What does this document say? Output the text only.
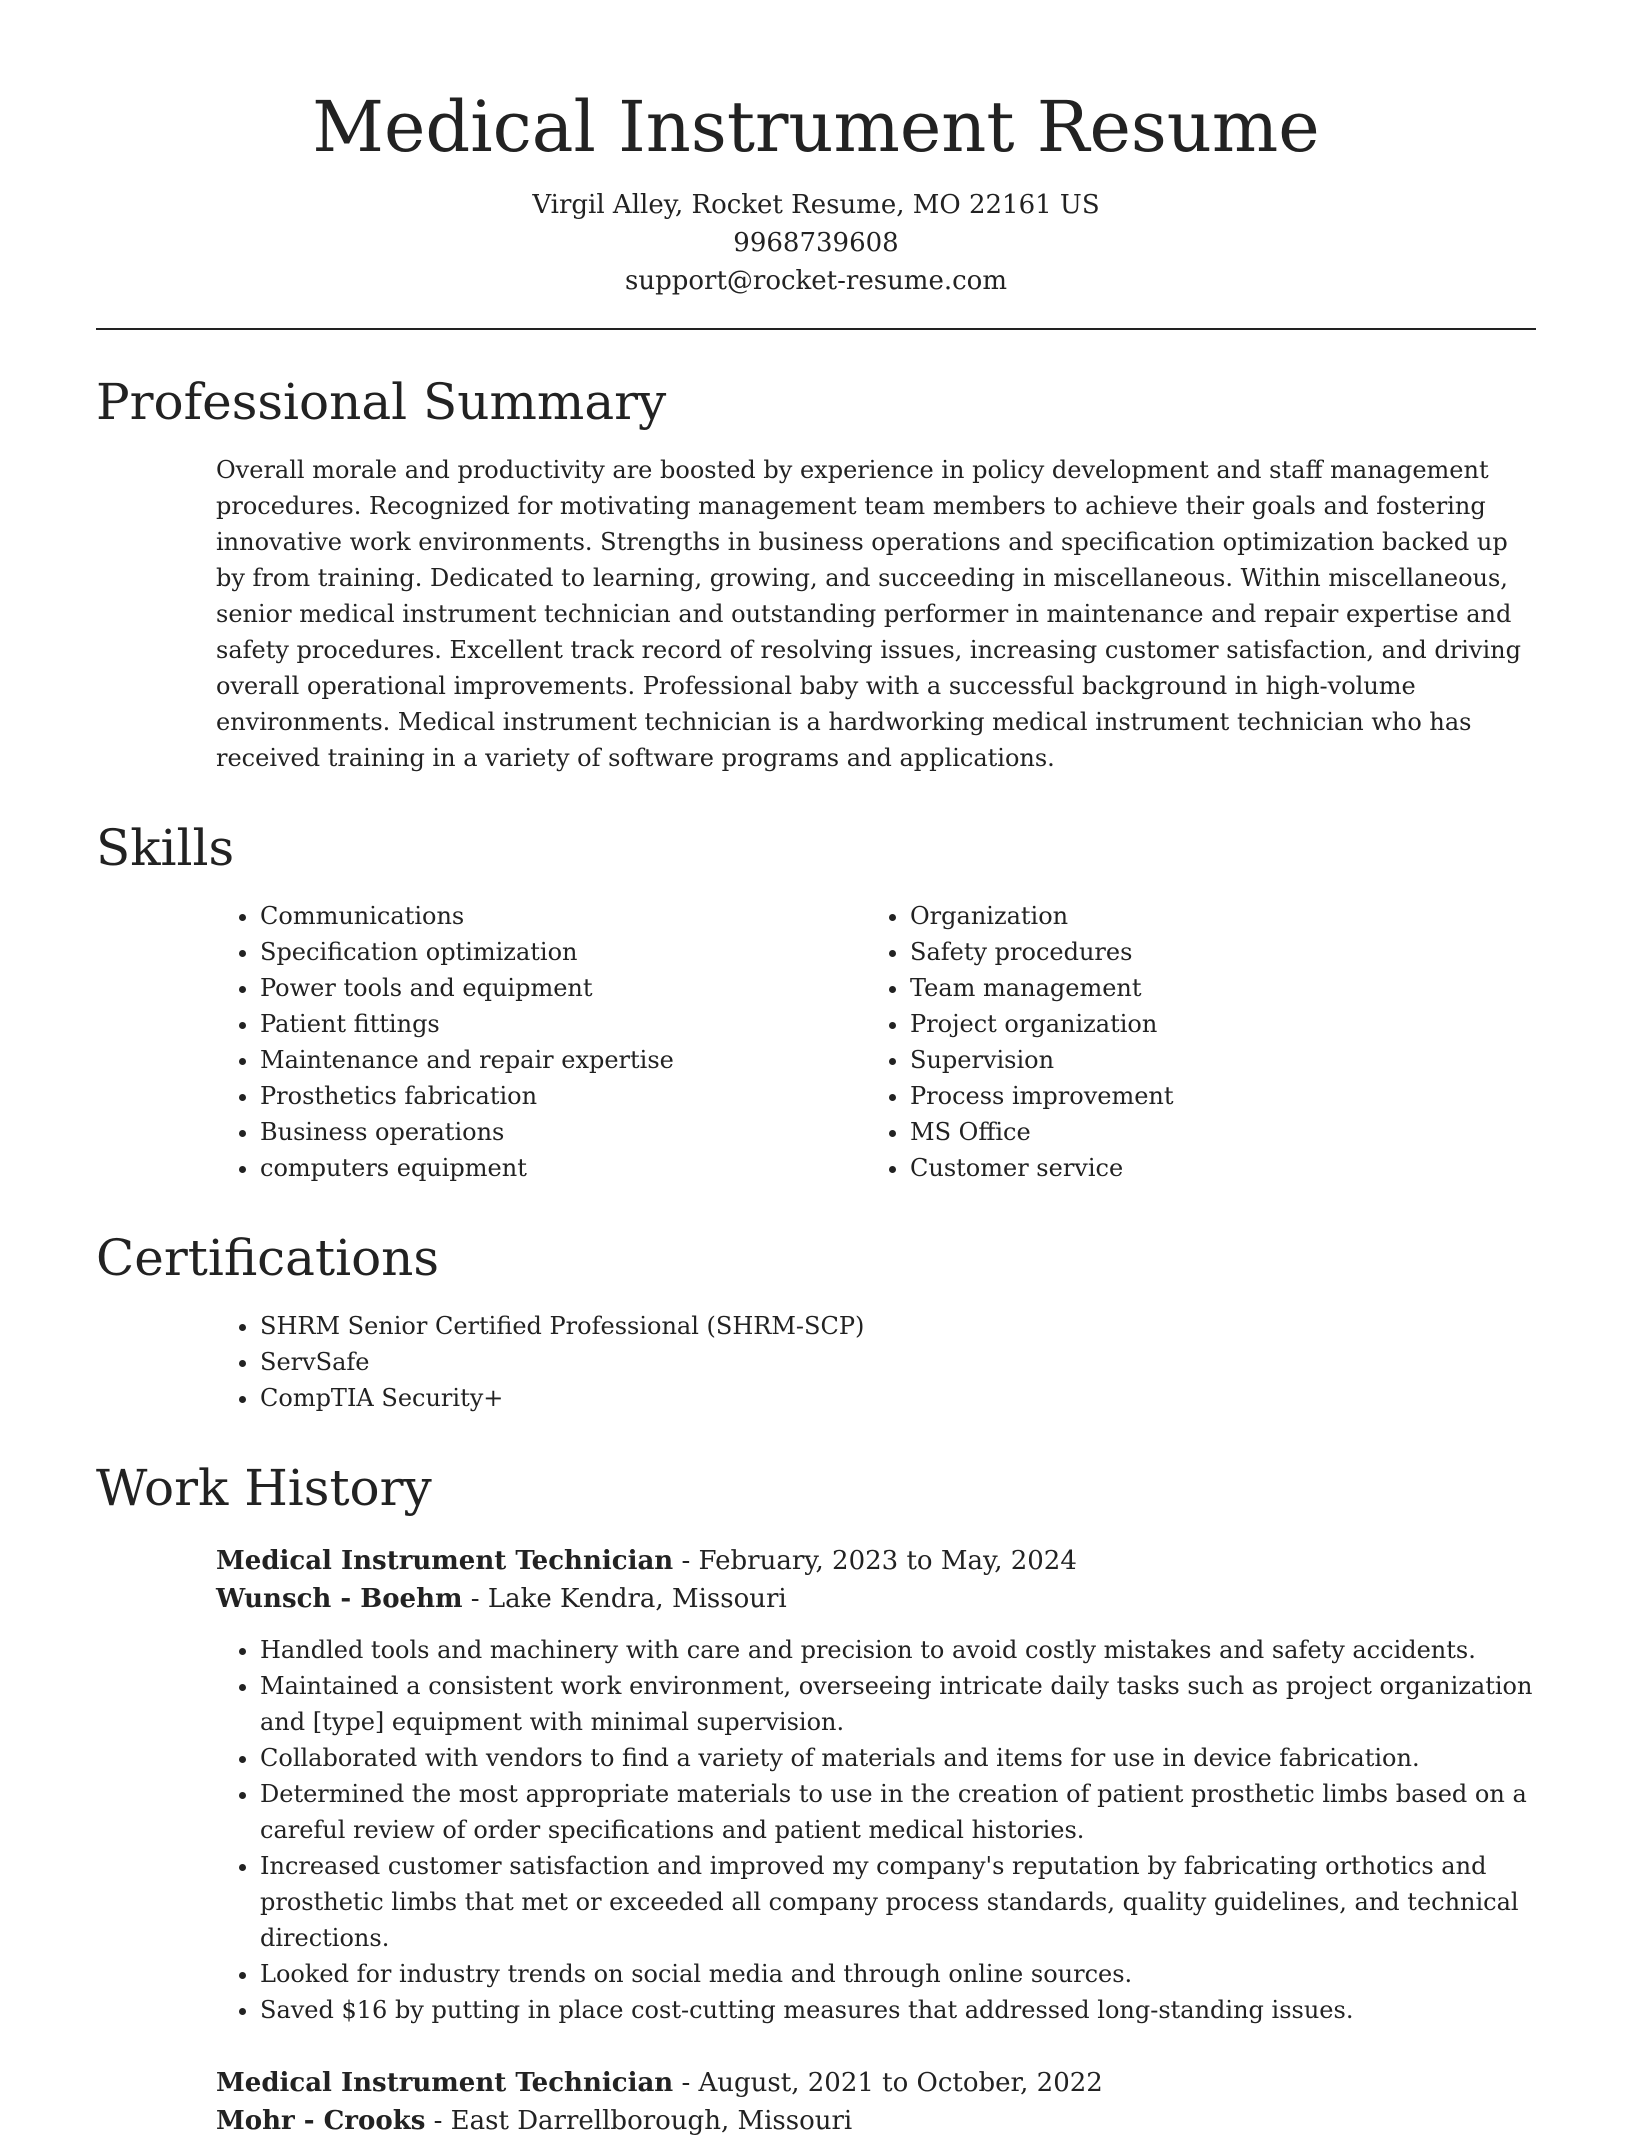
Medical Instrument Resume
Virgil Alley, Rocket Resume, MO 22161 US
9968739608
support@rocket-resume.com
Professional Summary

Overall morale and productivity are boosted by experience in policy development and staff management procedures. Recognized for motivating management team members to achieve their goals and fostering innovative work environments. Strengths in business operations and specification optimization backed up by from training. Dedicated to learning, growing, and succeeding in miscellaneous. Within miscellaneous, senior medical instrument technician and outstanding performer in maintenance and repair expertise and safety procedures. Excellent track record of resolving issues, increasing customer satisfaction, and driving overall operational improvements. Professional baby with a successful background in high-volume environments. Medical instrument technician is a hardworking medical instrument technician who has received training in a variety of software programs and applications.

Skills
• Communications
• Specification optimization
• Power tools and equipment
• Patient fittings
• Maintenance and repair expertise
• Prosthetics fabrication
• Business operations
• computers equipment
• Organization
• Safety procedures
• Team management
• Project organization
• Supervision
• Process improvement
• MS Office
• Customer service
Certifications
• SHRM Senior Certified Professional (SHRM-SCP)
• ServSafe
• CompTIA Security+
Work History
Medical Instrument Technician - February, 2023 to May, 2024
Wunsch - Boehm - Lake Kendra, Missouri
• Handled tools and machinery with care and precision to avoid costly mistakes and safety accidents.
• Maintained a consistent work environment, overseeing intricate daily tasks such as project organization and [type] equipment with minimal supervision.
• Collaborated with vendors to find a variety of materials and items for use in device fabrication.
• Determined the most appropriate materials to use in the creation of patient prosthetic limbs based on a careful review of order specifications and patient medical histories.
• Increased customer satisfaction and improved my company's reputation by fabricating orthotics and prosthetic limbs that met or exceeded all company process standards, quality guidelines, and technical directions.
• Looked for industry trends on social media and through online sources.
• Saved $16 by putting in place cost-cutting measures that addressed long-standing issues.
Medical Instrument Technician - August, 2021 to October, 2022
Mohr - Crooks - East Darrellborough, Missouri
